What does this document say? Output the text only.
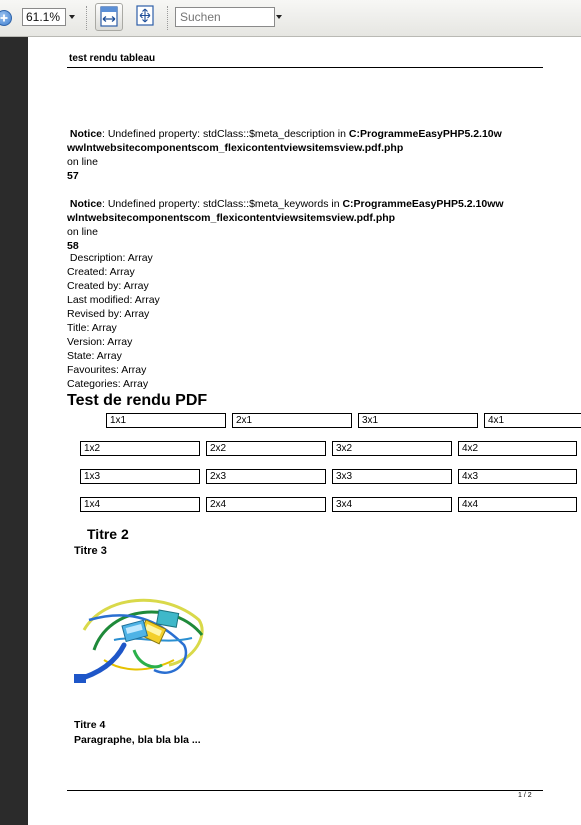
61.1%
Suchen
test rendu tableau
Notice: Undefined property: stdClass::$meta_description in C:ProgrammeEasyPHP5.2.10w
wwlntwebsitecomponentscom_flexicontentviewsitemsview.pdf.php
on line
57
Notice: Undefined property: stdClass::$meta_keywords in C:ProgrammeEasyPHP5.2.10ww
wlntwebsitecomponentscom_flexicontentviewsitemsview.pdf.php
on line
58
Description: Array
Created: Array
Created by: Array
Last modified: Array
Revised by: Array
Title: Array
Version: Array
State: Array
Favourites: Array
Categories: Array
Test de rendu PDF
1x1	2x1	3x1	4x1
1x2	2x2	3x2	4x2
1x3	2x3	3x3	4x3
1x4	2x4	3x4	4x4
Titre 2
Titre 3
Titre 4
Paragraphe, bla bla bla ...
1 / 2
